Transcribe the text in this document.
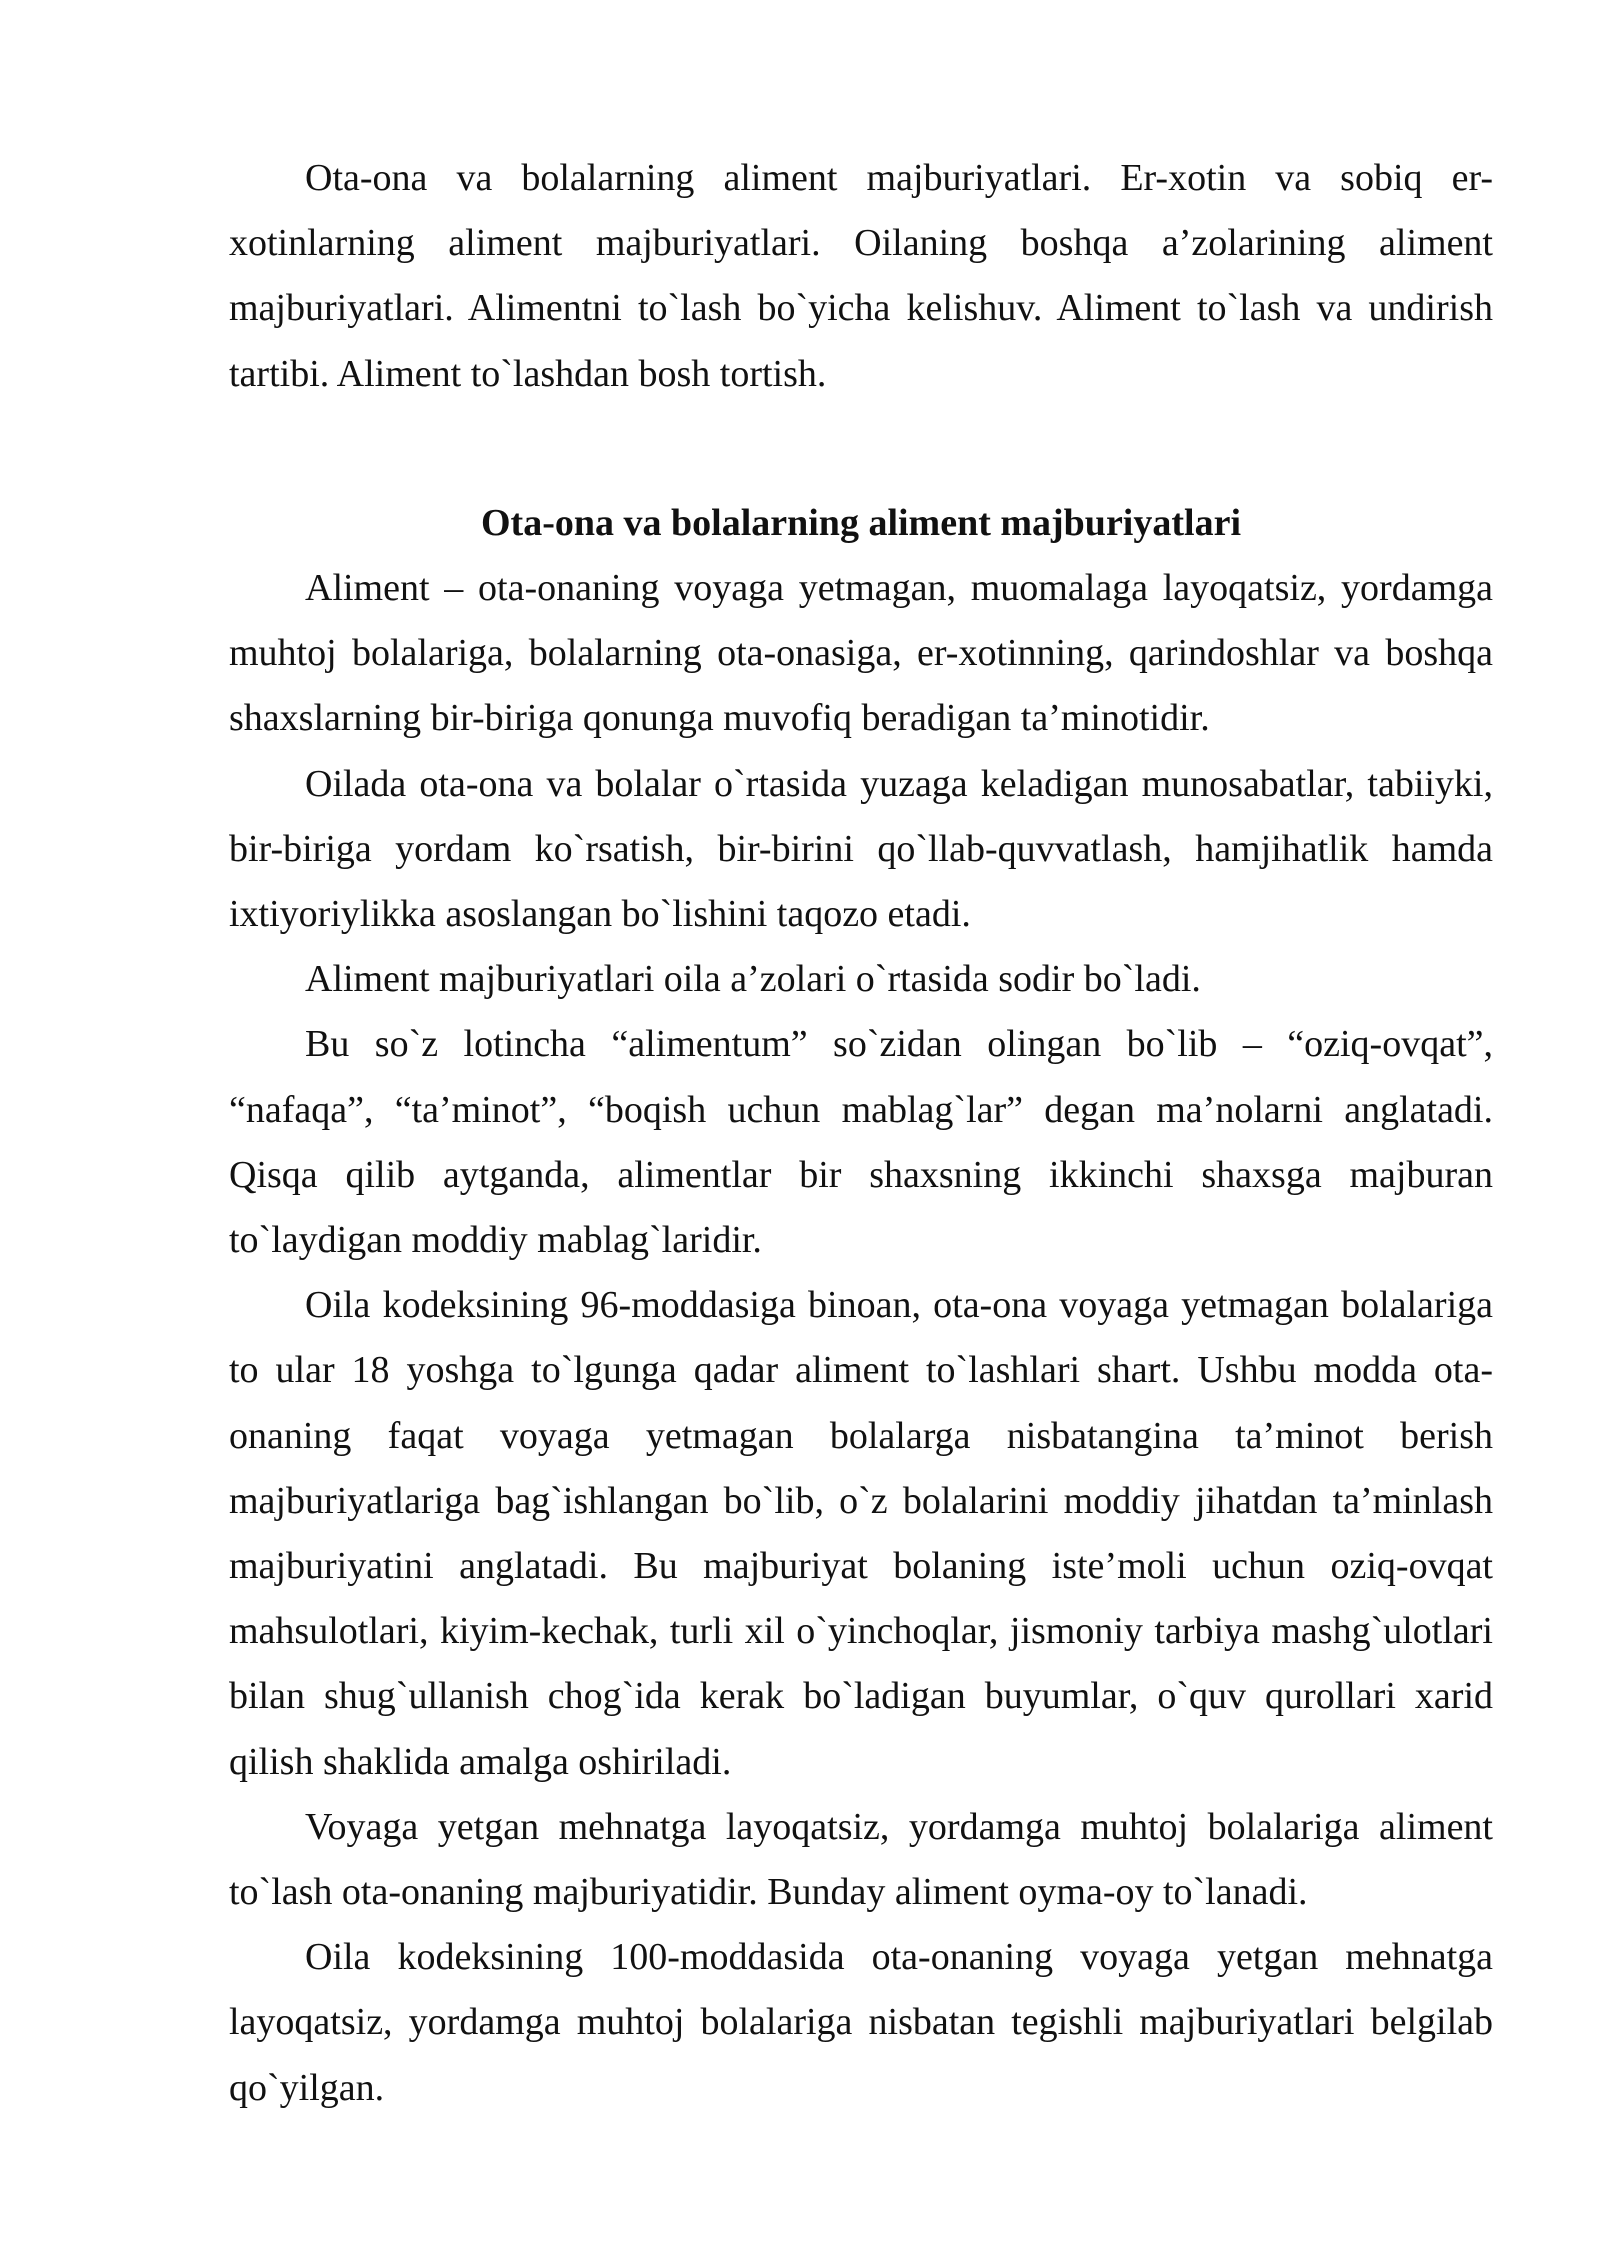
Ota-ona va bolalarning aliment majburiyatlari. Er-xotin va sobiq er-xotinlarning aliment majburiyatlari. Oilaning boshqa a’zolarining aliment majburiyatlari. Alimentni to`lash bo`yicha kelishuv. Aliment to`lash va undirish tartibi. Aliment to`lashdan bosh tortish.

Ota-ona va bolalarning aliment majburiyatlari

Aliment – ota-onaning voyaga yetmagan, muomalaga layoqatsiz, yordamga muhtoj bolalariga, bolalarning ota-onasiga, er-xotinning, qarindoshlar va boshqa shaxslarning bir-biriga qonunga muvofiq beradigan ta’minotidir.

Oilada ota-ona va bolalar o`rtasida yuzaga keladigan munosabatlar, tabiiyki, bir-biriga yordam ko`rsatish, bir-birini qo`llab-quvvatlash, hamjihatlik hamda ixtiyoriylikka asoslangan bo`lishini taqozo etadi.

Aliment majburiyatlari oila a’zolari o`rtasida sodir bo`ladi.

Bu so`z lotincha “alimentum” so`zidan olingan bo`lib – “oziq-ovqat”, “nafaqa”, “ta’minot”, “boqish uchun mablag`lar” degan ma’nolarni anglatadi. Qisqa qilib aytganda, alimentlar bir shaxsning ikkinchi shaxsga majburan to`laydigan moddiy mablag`laridir.

Oila kodeksining 96-moddasiga binoan, ota-ona voyaga yetmagan bolalariga to ular 18 yoshga to`lgunga qadar aliment to`lashlari shart. Ushbu modda ota-onaning faqat voyaga yetmagan bolalarga nisbatangina ta’minot berish majburiyatlariga bag`ishlangan bo`lib, o`z bolalarini moddiy jihatdan ta’minlash majburiyatini anglatadi. Bu majburiyat bolaning iste’moli uchun oziq-ovqat mahsulotlari, kiyim-kechak, turli xil o`yinchoqlar, jismoniy tarbiya mashg`ulotlari bilan shug`ullanish chog`ida kerak bo`ladigan buyumlar, o`quv qurollari xarid qilish shaklida amalga oshiriladi.

Voyaga yetgan mehnatga layoqatsiz, yordamga muhtoj bolalariga aliment to`lash ota-onaning majburiyatidir. Bunday aliment oyma-oy to`lanadi.

Oila kodeksining 100-moddasida ota-onaning voyaga yetgan mehnatga layoqatsiz, yordamga muhtoj bolalariga nisbatan tegishli majburiyatlari belgilab qo`yilgan.
